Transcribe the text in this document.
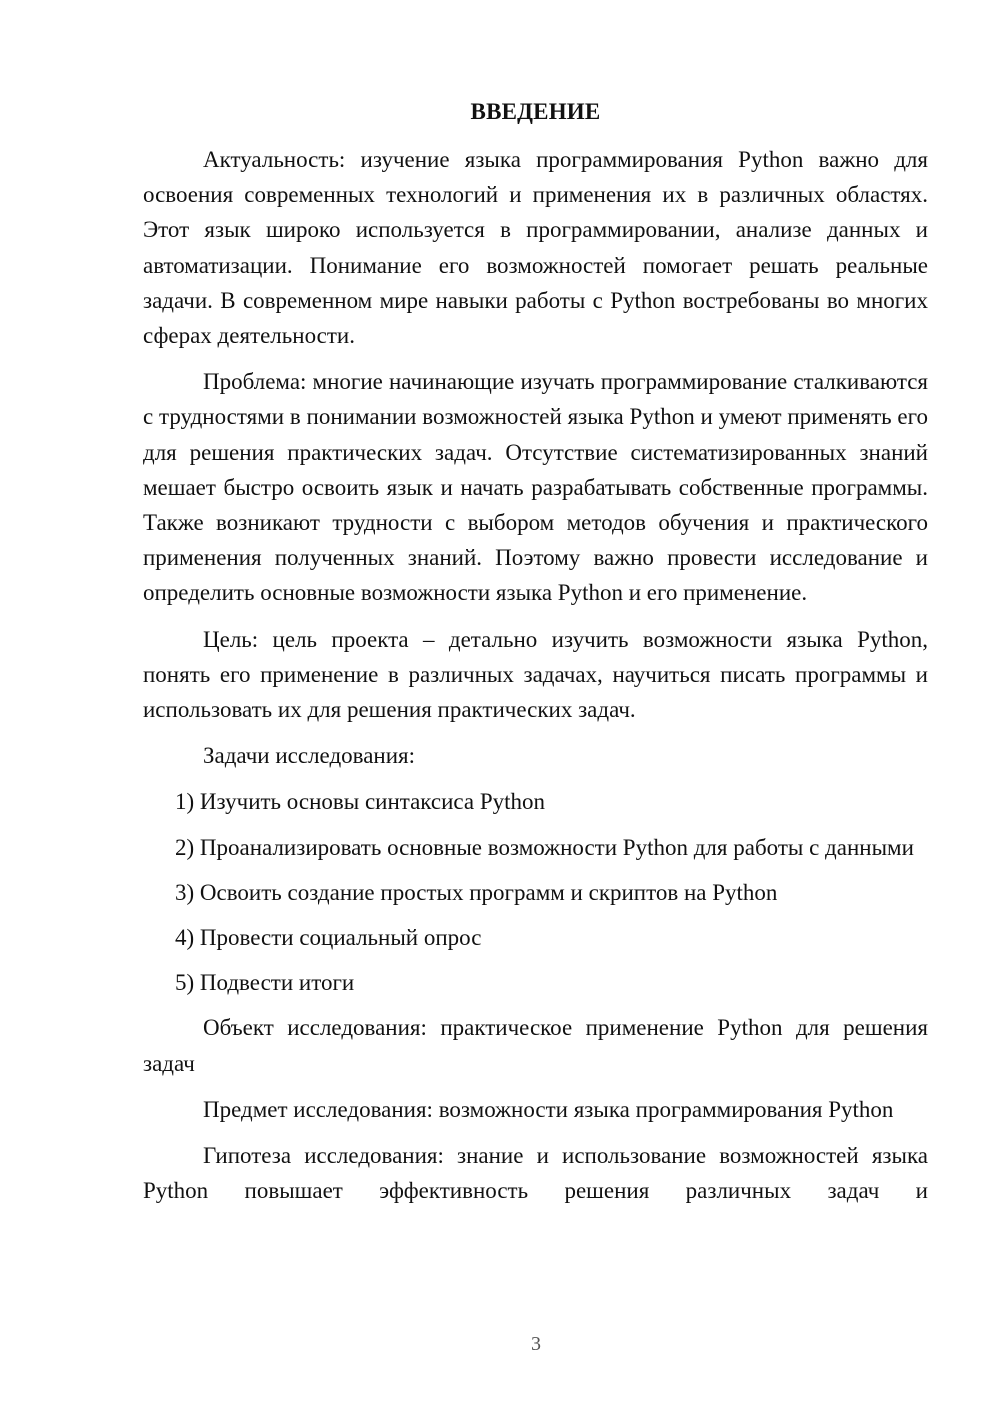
ВВЕДЕНИЕ

Актуальность: изучение языка программирования Python важно для освоения современных технологий и применения их в различных областях. Этот язык широко используется в программировании, анализе данных и автоматизации. Понимание его возможностей помогает решать реальные задачи. В современном мире навыки работы с Python востребованы во многих сферах деятельности.

Проблема: многие начинающие изучать программирование сталкиваются с трудностями в понимании возможностей языка Python и умеют применять его для решения практических задач. Отсутствие систематизированных знаний мешает быстро освоить язык и начать разрабатывать собственные программы. Также возникают трудности с выбором методов обучения и практического применения полученных знаний. Поэтому важно провести исследование и определить основные возможности языка Python и его применение.

Цель: цель проекта – детально изучить возможности языка Python, понять его применение в различных задачах, научиться писать программы и использовать их для решения практических задач.

Задачи исследования:

1) Изучить основы синтаксиса Python

2) Проанализировать основные возможности Python для работы с данными

3) Освоить создание простых программ и скриптов на Python

4) Провести социальный опрос

5) Подвести итоги

Объект исследования: практическое применение Python для решения задач

Предмет исследования: возможности языка программирования Python

Гипотеза исследования: знание и использование возможностей языка Python повышает эффективность решения различных задач и

3
